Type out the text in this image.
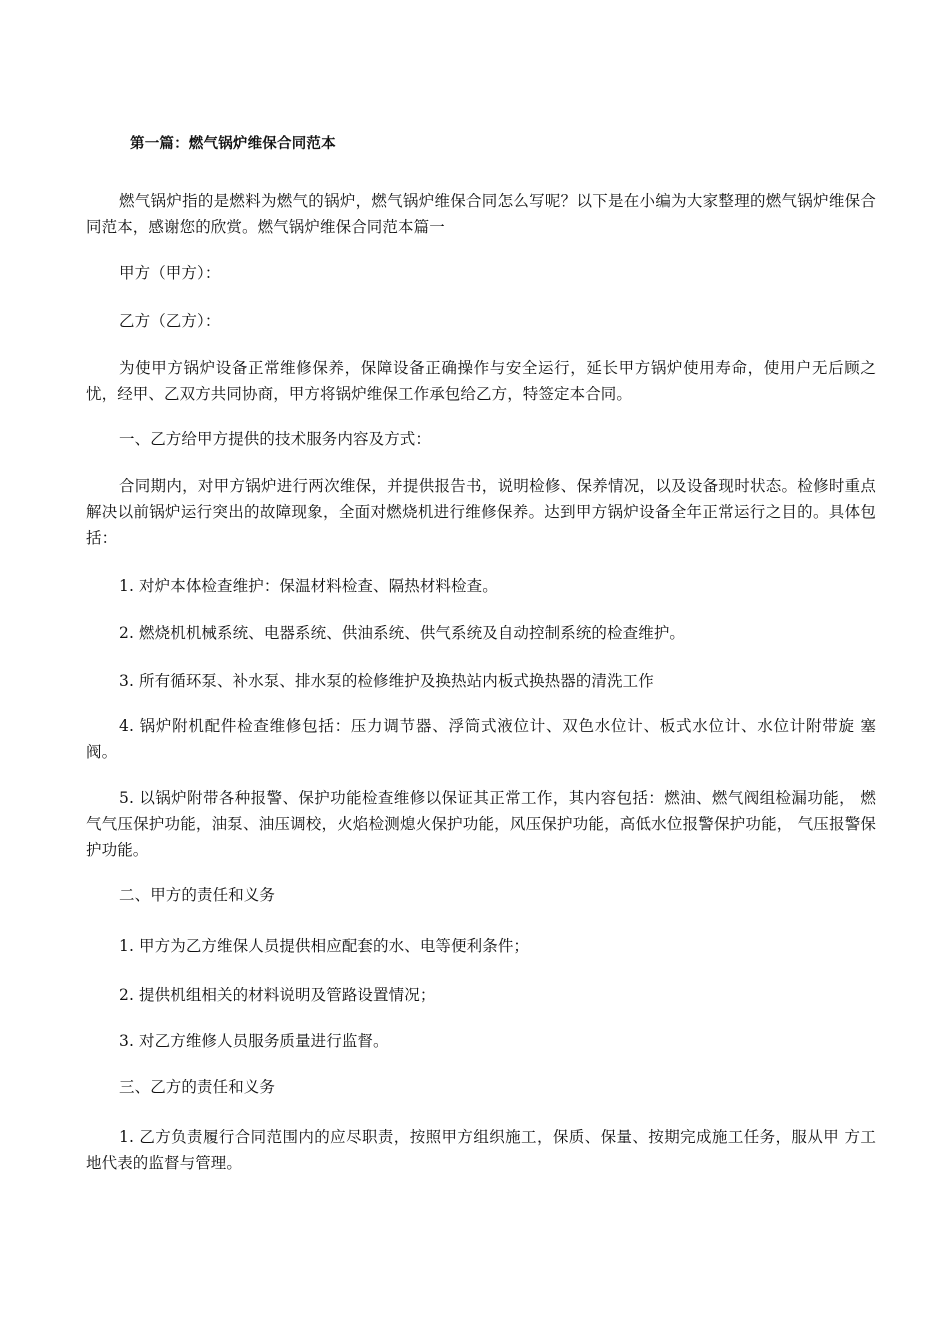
第一篇：燃气锅炉维保合同范本
燃气锅炉指的是燃料为燃气的锅炉，燃气锅炉维保合同怎么写呢？以下是在小编为大家整理的燃气锅炉维保合同范本，感谢您的欣赏。燃气锅炉维保合同范本篇一
甲方（甲方）：
乙方（乙方）：
为使甲方锅炉设备正常维修保养，保障设备正确操作与安全运行，延长甲方锅炉使用寿命，使用户无后顾之忧，经甲、乙双方共同协商，甲方将锅炉维保工作承包给乙方，特签定本合同。
一、乙方给甲方提供的技术服务内容及方式：
合同期内，对甲方锅炉进行两次维保，并提供报告书，说明检修、保养情况，以及设备现时状态。检修时重点解决以前锅炉运行突出的故障现象，全面对燃烧机进行维修保养。达到甲方锅炉设备全年正常运行之目的。具体包括：
1. 对炉本体检查维护：保温材料检查、隔热材料检查。
2. 燃烧机机械系统、电器系统、供油系统、供气系统及自动控制系统的检查维护。
3. 所有循环泵、补水泵、排水泵的检修维护及换热站内板式换热器的清洗工作
4. 锅炉附机配件检查维修包括：压力调节器、浮筒式液位计、双色水位计、板式水位计、水位计附带旋 塞阀。
5. 以锅炉附带各种报警、保护功能检查维修以保证其正常工作，其内容包括：燃油、燃气阀组检漏功能， 燃气气压保护功能，油泵、油压调校，火焰检测熄火保护功能，风压保护功能，高低水位报警保护功能， 气压报警保护功能。
二、甲方的责任和义务
1. 甲方为乙方维保人员提供相应配套的水、电等便利条件；
2. 提供机组相关的材料说明及管路设置情况；
3. 对乙方维修人员服务质量进行监督。
三、乙方的责任和义务
1. 乙方负责履行合同范围内的应尽职责，按照甲方组织施工，保质、保量、按期完成施工任务，服从甲 方工地代表的监督与管理。
